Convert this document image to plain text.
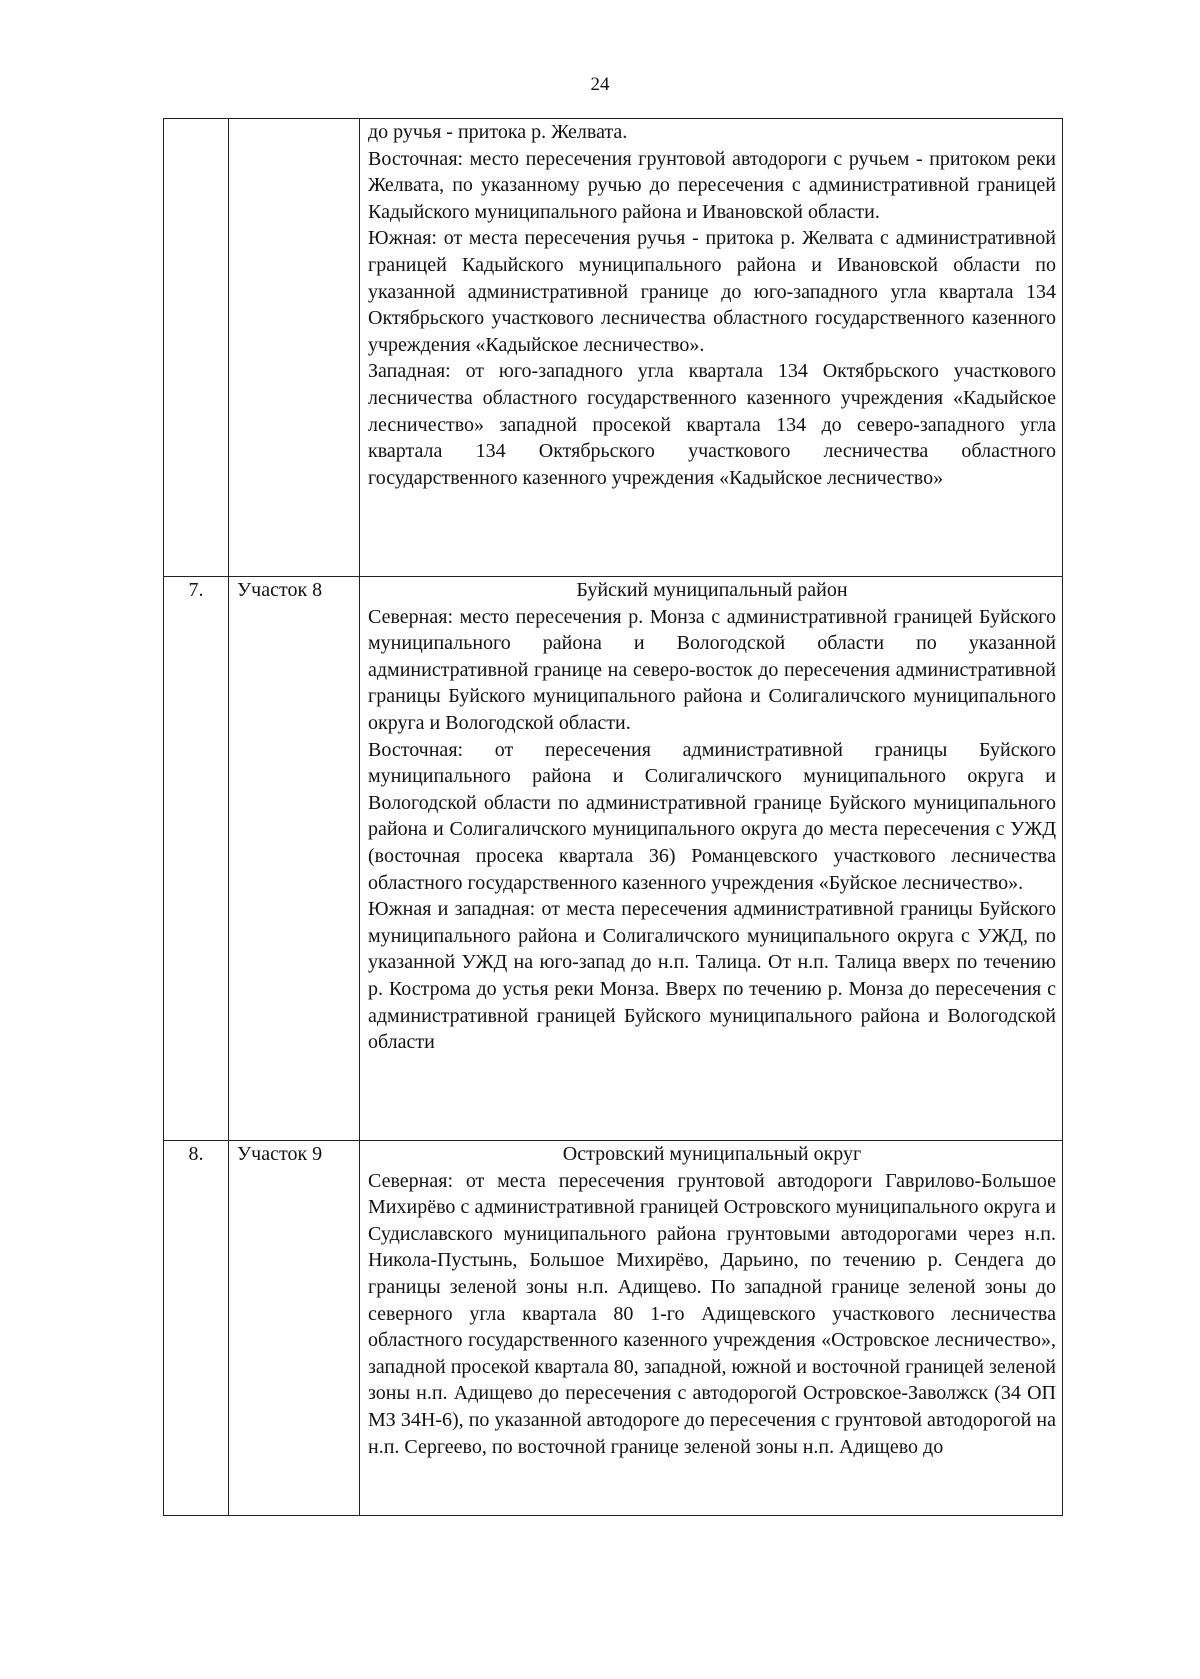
24

		до ручья - притока р. Желвата.

Восточная: место пересечения грунтовой автодороги с ручьем - притоком реки Желвата, по указанному ручью до пересечения с административной границей Кадыйского муниципального района и Ивановской области.

Южная: от места пересечения ручья - притока р. Желвата с административной границей Кадыйского муниципального района и Ивановской области по указанной административной границе до юго-западного угла квартала 134 Октябрьского участкового лесничества областного государственного казенного учреждения «Кадыйское лесничество».

Западная: от юго-западного угла квартала 134 Октябрьского участкового лесничества областного государственного казенного учреждения «Кадыйское лесничество» западной просекой квартала 134 до северо-западного угла квартала 134 Октябрьского участкового лесничества областного государственного казенного учреждения «Кадыйское лесничество»

7.	Участок 8	Буйский муниципальный район

Северная: место пересечения р. Монза с административной границей Буйского муниципального района и Вологодской области по указанной административной границе на северо-восток до пересечения административной границы Буйского муниципального района и Солигаличского муниципального округа и Вологодской области.

Восточная: от пересечения административной границы Буйского муниципального района и Солигаличского муниципального округа и Вологодской области по административной границе Буйского муниципального района и Солигаличского муниципального округа до места пересечения с УЖД (восточная просека квартала 36) Романцевского участкового лесничества областного государственного казенного учреждения «Буйское лесничество».

Южная и западная: от места пересечения административной границы Буйского муниципального района и Солигаличского муниципального округа с УЖД, по указанной УЖД на юго-запад до н.п. Талица. От н.п. Талица вверх по течению р. Кострома до устья реки Монза. Вверх по течению р. Монза до пересечения с административной границей Буйского муниципального района и Вологодской области

8.	Участок 9	Островский муниципальный округ

Северная: от места пересечения грунтовой автодороги Гаврилово-Большое Михирёво с административной границей Островского муниципального округа и Судиславского муниципального района грунтовыми автодорогами через н.п. Никола-Пустынь, Большое Михирёво, Дарьино, по течению р. Сендега до границы зеленой зоны н.п. Адищево. По западной границе зеленой зоны до северного угла квартала 80 1-го Адищевского участкового лесничества областного государственного казенного учреждения «Островское лесничество», западной просекой квартала 80, западной, южной и восточной границей зеленой зоны н.п. Адищево до пересечения с автодорогой Островское-Заволжск (34 ОП МЗ 34Н-6), по указанной автодороге до пересечения с грунтовой автодорогой на н.п. Сергеево, по восточной границе зеленой зоны н.п. Адищево до
